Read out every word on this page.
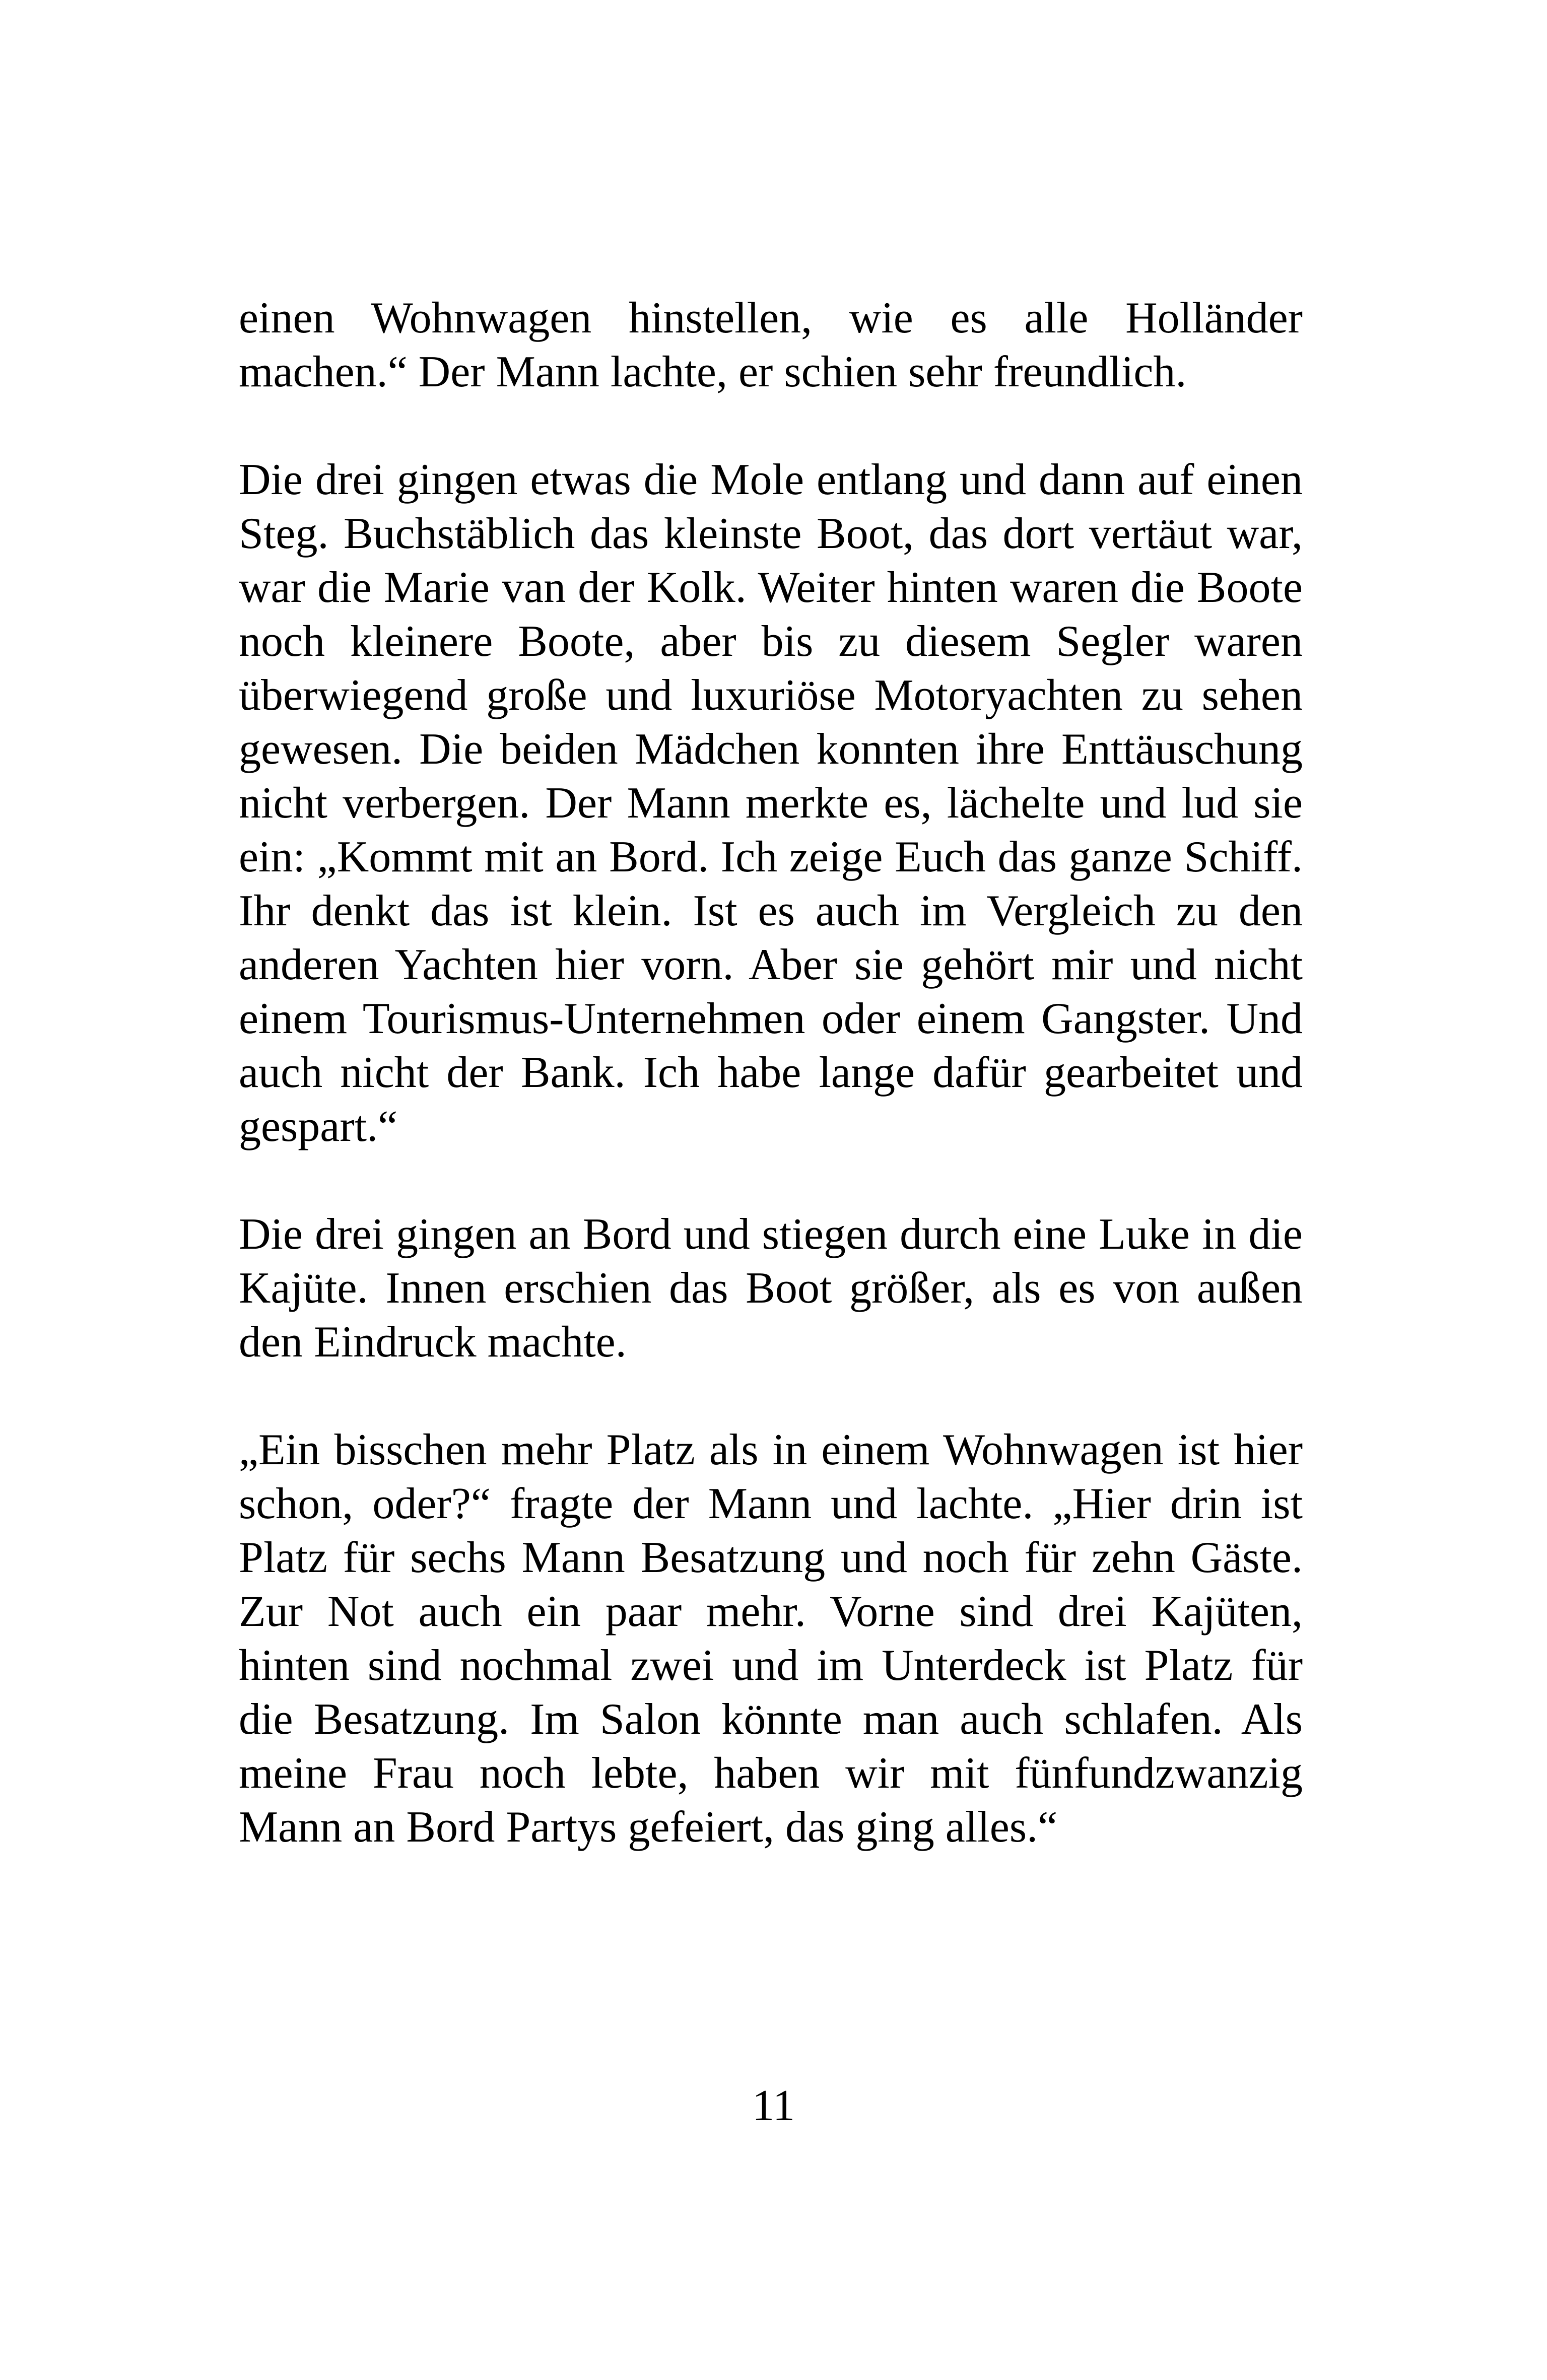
einen Wohnwagen hinstellen, wie es alle Holländer machen.“ Der Mann lachte, er schien sehr freundlich.

Die drei gingen etwas die Mole entlang und dann auf einen Steg. Buchstäblich das kleinste Boot, das dort vertäut war, war die Marie van der Kolk. Weiter hinten waren die Boote noch kleinere Boote, aber bis zu diesem Segler waren überwiegend große und luxuriöse Motoryachten zu sehen gewesen. Die beiden Mädchen konnten ihre Enttäuschung nicht verbergen. Der Mann merkte es, lächelte und lud sie ein: „Kommt mit an Bord. Ich zeige Euch das ganze Schiff. Ihr denkt das ist klein. Ist es auch im Vergleich zu den anderen Yachten hier vorn. Aber sie gehört mir und nicht einem Tourismus-Unternehmen oder einem Gangster. Und auch nicht der Bank. Ich habe lange dafür gearbeitet und gespart.“

Die drei gingen an Bord und stiegen durch eine Luke in die Kajüte. Innen erschien das Boot größer, als es von außen den Eindruck machte.

„Ein bisschen mehr Platz als in einem Wohnwagen ist hier schon, oder?“ fragte der Mann und lachte. „Hier drin ist Platz für sechs Mann Besatzung und noch für zehn Gäste. Zur Not auch ein paar mehr. Vorne sind drei Kajüten, hinten sind nochmal zwei und im Unterdeck ist Platz für die Besatzung. Im Salon könnte man auch schlafen. Als meine Frau noch lebte, haben wir mit fünfundzwanzig Mann an Bord Partys gefeiert, das ging alles.“

11
